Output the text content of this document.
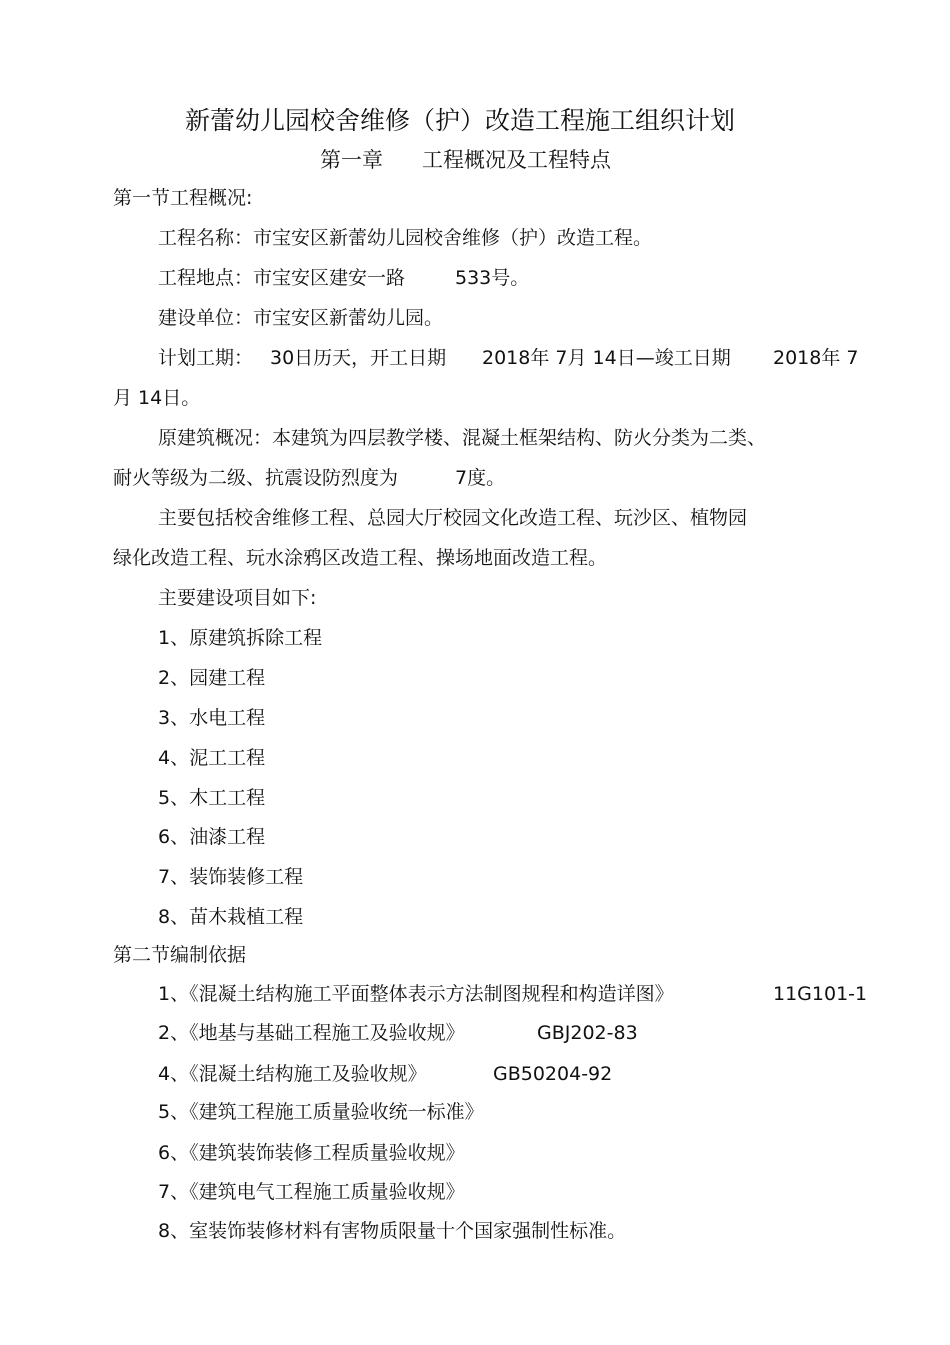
新蕾幼儿园校舍维修（护）改造工程施工组织计划
第一章 工程概况及工程特点
第一节工程概况:
工程名称：市宝安区新蕾幼儿园校舍维修（护）改造工程。
工程地点：市宝安区建安一路	533号。
建设单位：市宝安区新蕾幼儿园。
计划工期： 30日历天，开工日期 2018年 7月 14日—竣工日期 2018年 7
月 14日。
原建筑概况：本建筑为四层教学楼、混凝土框架结构、防火分类为二类、
耐火等级为二级、抗震设防烈度为	7度。
主要包括校舍维修工程、总园大厅校园文化改造工程、玩沙区、植物园
绿化改造工程、玩水涂鸦区改造工程、操场地面改造工程。
主要建设项目如下:
1、原建筑拆除工程
2、园建工程
3、水电工程
4、泥工工程
5、木工工程
6、油漆工程
7、装饰装修工程
8、苗木栽植工程
第二节编制依据
1、《混凝土结构施工平面整体表示方法制图规程和构造详图》	11G101-1
2、《地基与基础工程施工及验收规》	GBJ202-83
4、《混凝土结构施工及验收规》	GB50204-92
5、《建筑工程施工质量验收统一标准》
6、《建筑装饰装修工程质量验收规》
7、《建筑电气工程施工质量验收规》
8、室装饰装修材料有害物质限量十个国家强制性标准。
